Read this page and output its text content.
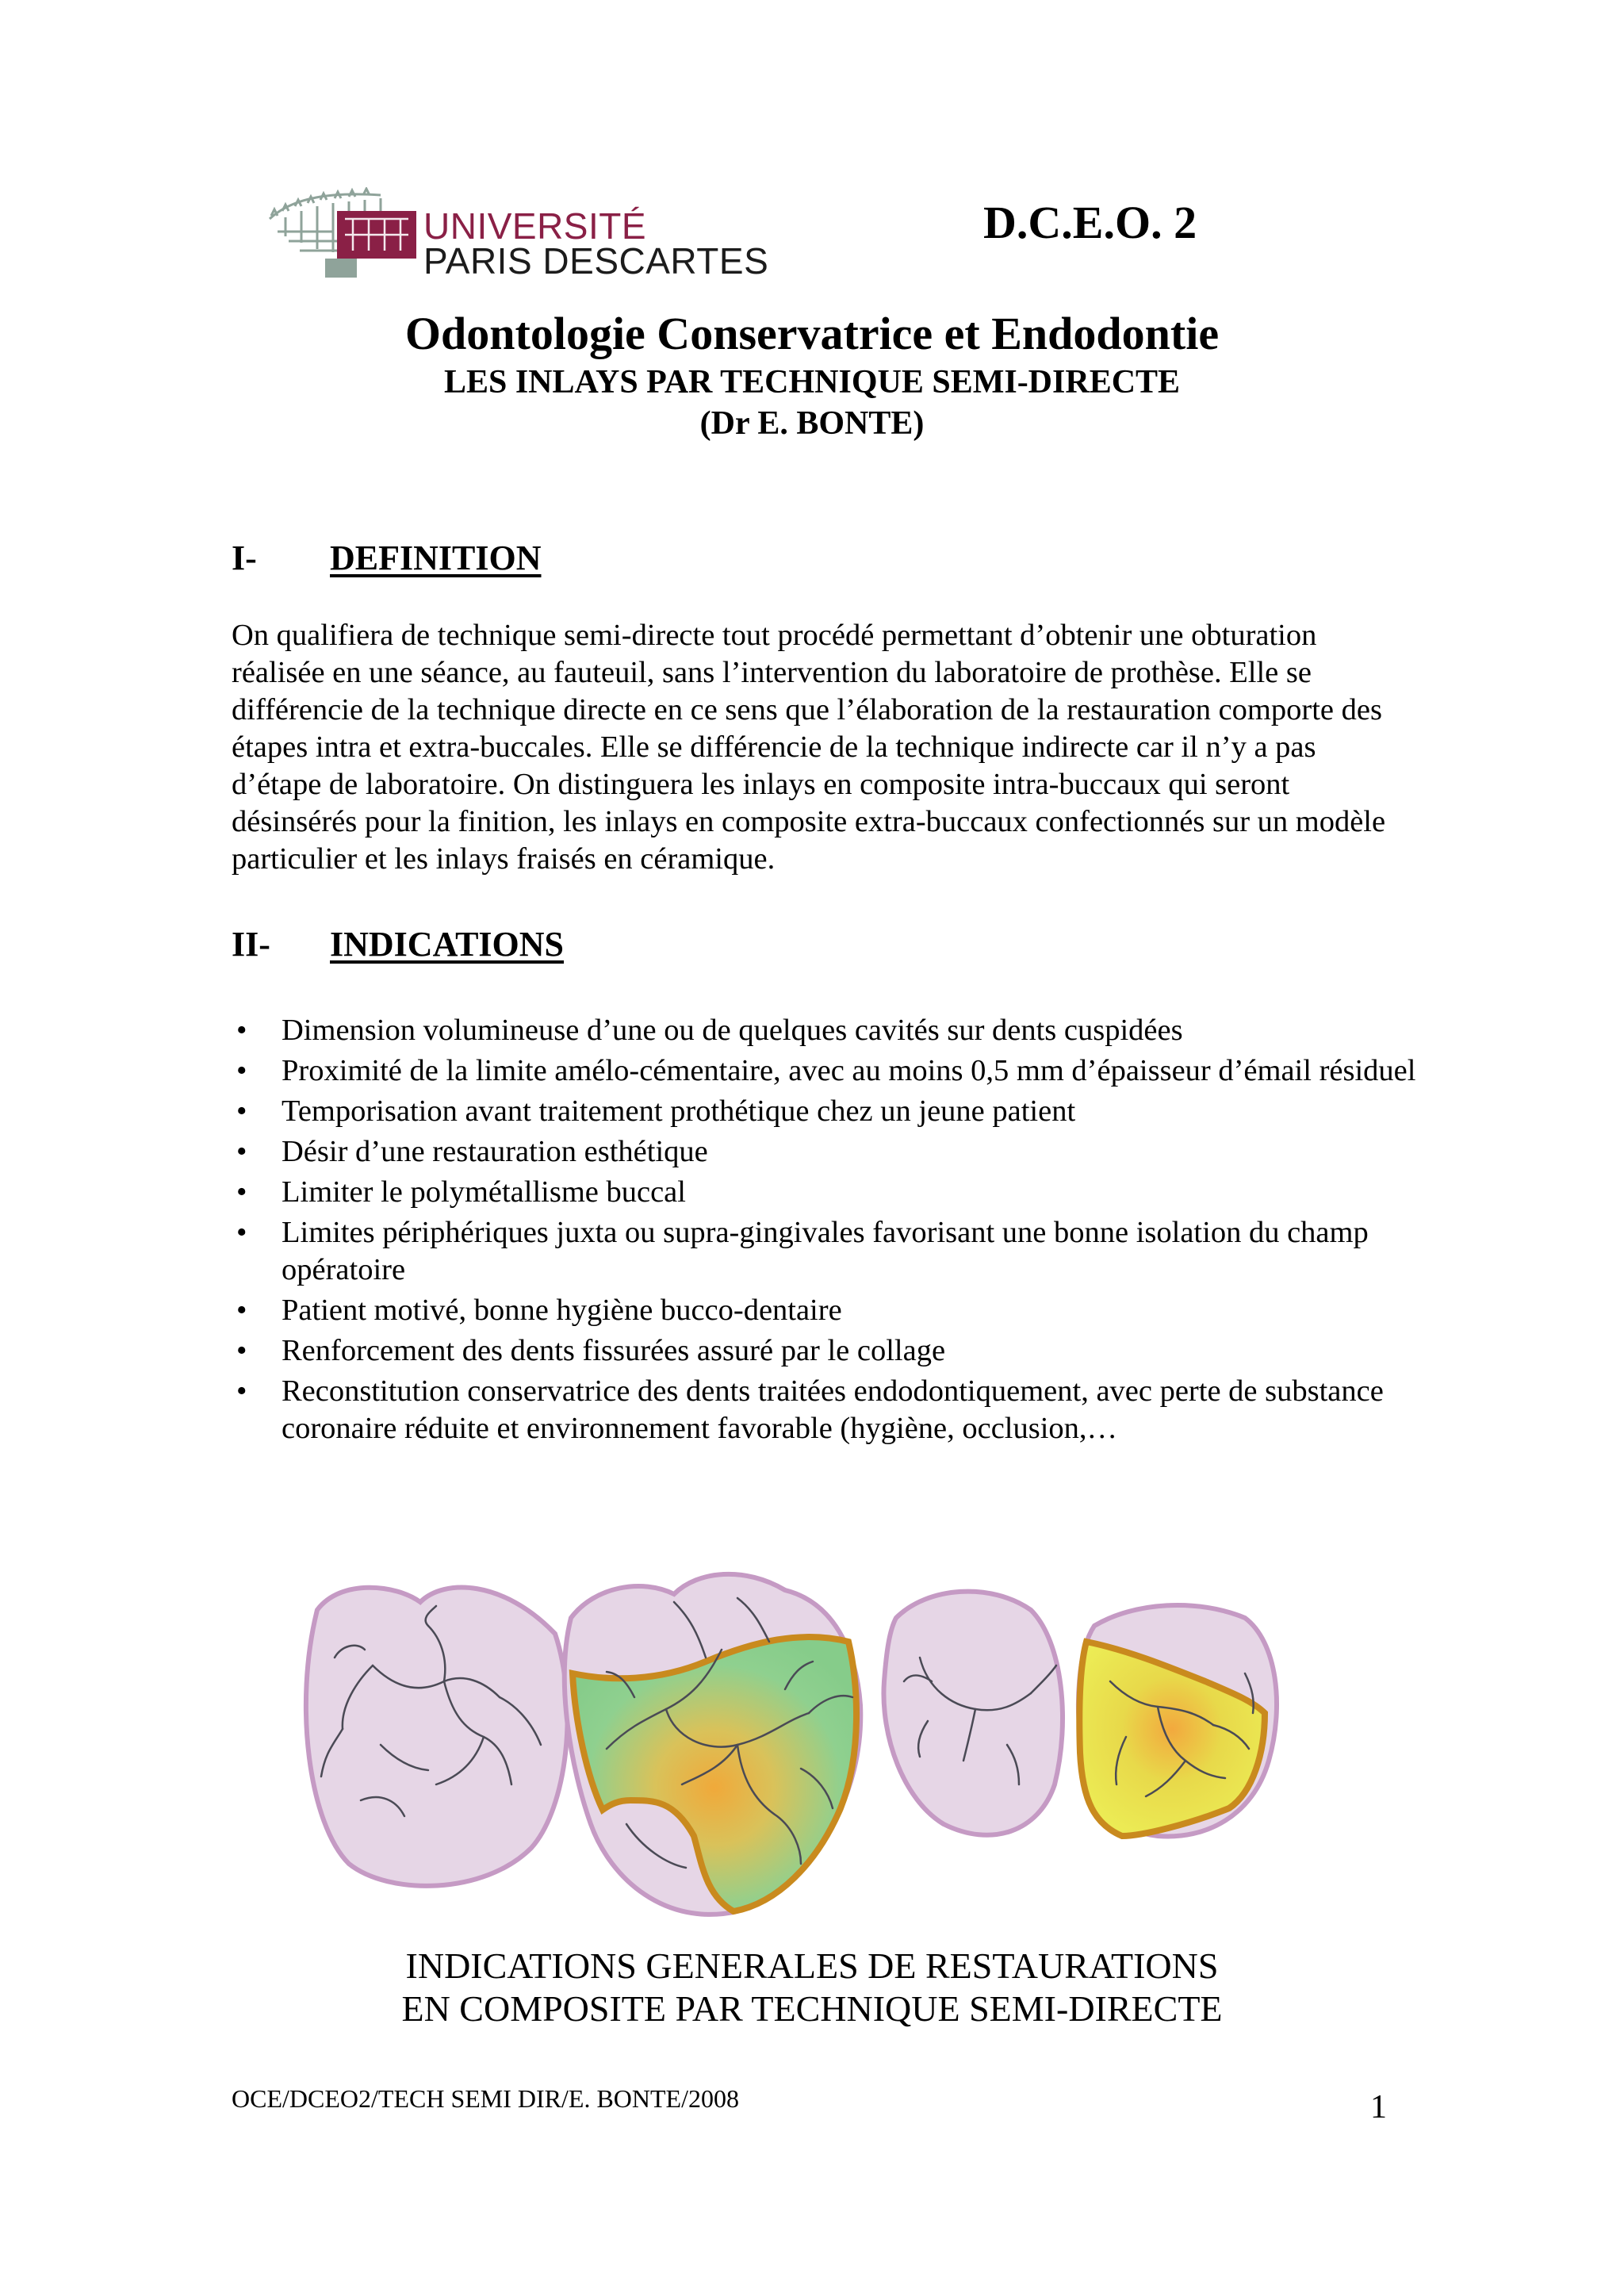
UNIVERSITÉ
PARIS DESCARTES
D.C.E.O. 2
Odontologie Conservatrice et Endodontie
LES INLAYS PAR TECHNIQUE SEMI-DIRECTE
(Dr E. BONTE)
I- DEFINITION

On qualifiera de technique semi-directe tout procédé permettant d’obtenir une obturation réalisée en une séance, au fauteuil, sans l’intervention du laboratoire de prothèse. Elle se différencie de la technique directe en ce sens que l’élaboration de la restauration comporte des étapes intra et extra-buccales. Elle se différencie de la technique indirecte car il n’y a pas d’étape de laboratoire. On distinguera les inlays en composite intra-buccaux qui seront désinsérés pour la finition, les inlays en composite extra-buccaux confectionnés sur un modèle particulier et les inlays fraisés en céramique.

II- INDICATIONS
• Dimension volumineuse d’une ou de quelques cavités sur dents cuspidées
• Proximité de la limite amélo-cémentaire, avec au moins 0,5 mm d’épaisseur d’émail résiduel
• Temporisation avant traitement prothétique chez un jeune patient
• Désir d’une restauration esthétique
• Limiter le polymétallisme buccal
• Limites périphériques juxta ou supra-gingivales favorisant une bonne isolation du champ opératoire
• Patient motivé, bonne hygiène bucco-dentaire
• Renforcement des dents fissurées assuré par le collage
• Reconstitution conservatrice des dents traitées endodontiquement, avec perte de substance coronaire réduite et environnement favorable (hygiène, occlusion,…
INDICATIONS GENERALES DE RESTAURATIONS
EN COMPOSITE PAR TECHNIQUE SEMI-DIRECTE
OCE/DCEO2/TECH SEMI DIR/E. BONTE/2008	1
